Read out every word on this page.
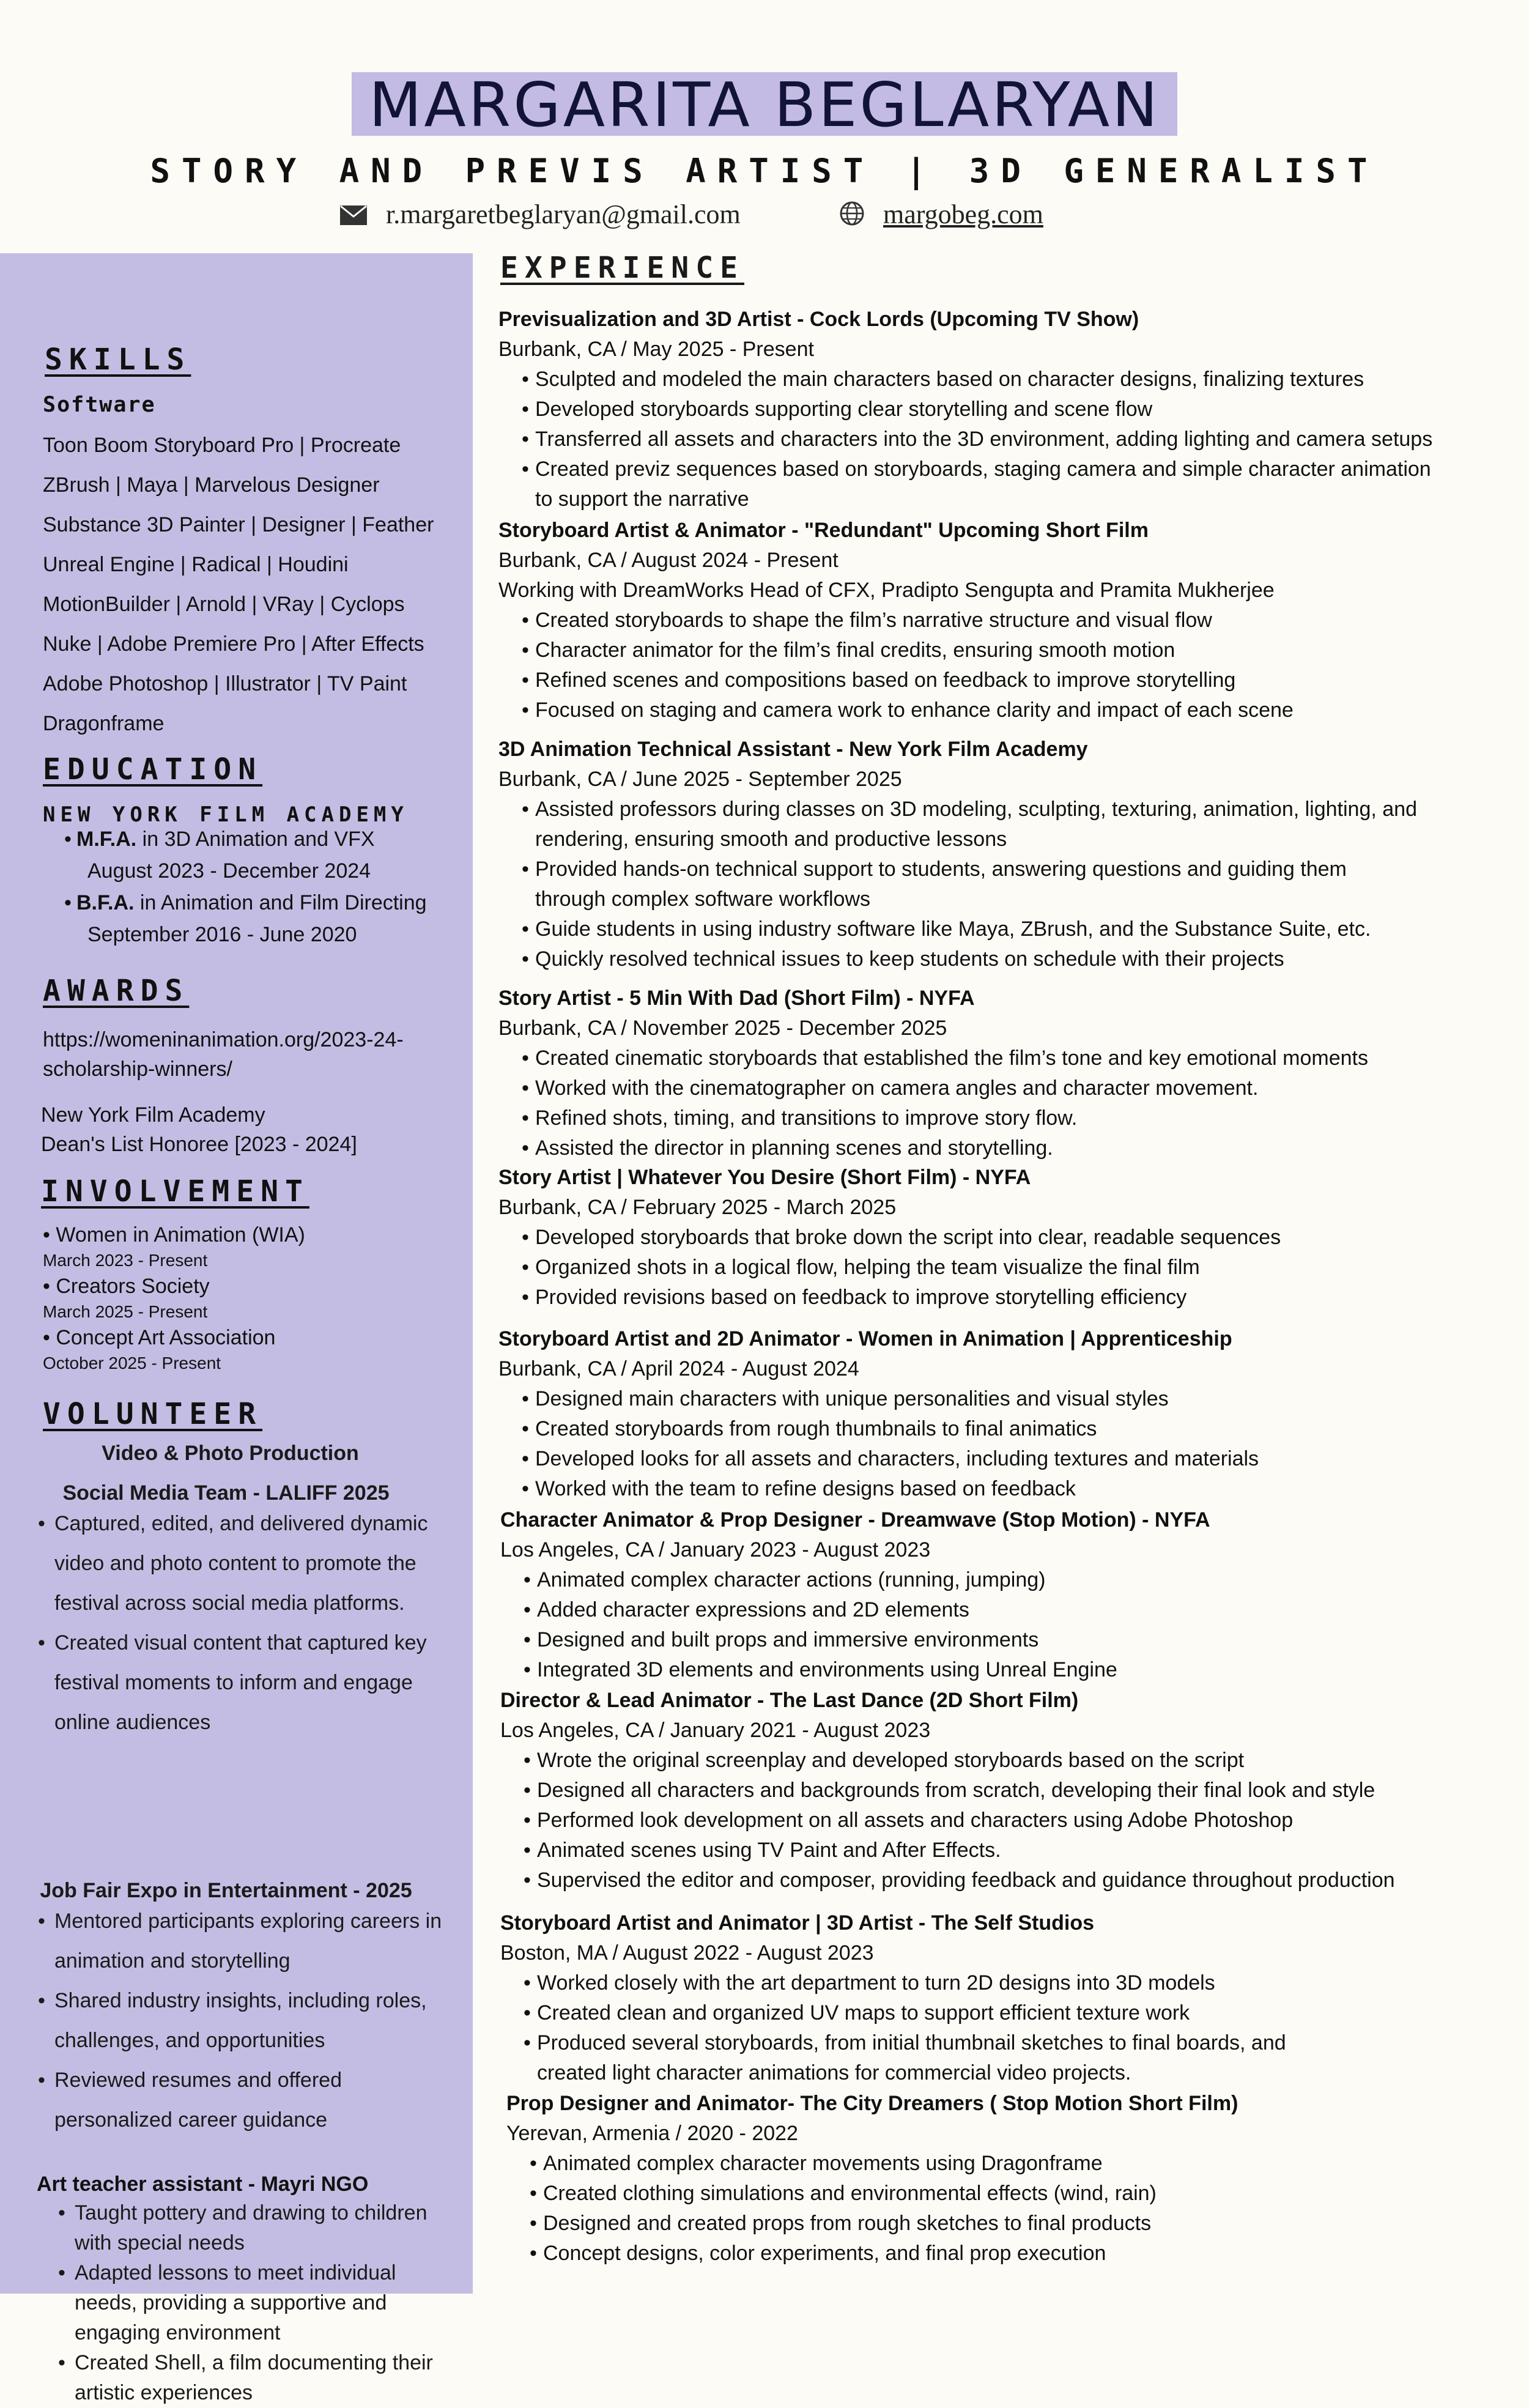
MARGARITA BEGLARYAN
STORY AND PREVIS ARTIST | 3D GENERALIST
r.margaretbeglaryan@gmail.com	margobeg.com
SKILLS
Software
Toon Boom Storyboard Pro | Procreate
ZBrush | Maya | Marvelous Designer
Substance 3D Painter | Designer | Feather
Unreal Engine | Radical | Houdini
MotionBuilder | Arnold | VRay | Cyclops
Nuke | Adobe Premiere Pro | After Effects
Adobe Photoshop | Illustrator | TV Paint
Dragonframe
EDUCATION
NEW YORK FILM ACADEMY
• M.F.A. in 3D Animation and VFX
August 2023 - December 2024
• B.F.A. in Animation and Film Directing
September 2016 - June 2020
AWARDS
https://womeninanimation.org/2023-24-
scholarship-winners/
New York Film Academy
Dean's List Honoree [2023 - 2024]
INVOLVEMENT
• Women in Animation (WIA)
March 2023 - Present
• Creators Society
March 2025 - Present
• Concept Art Association
October 2025 - Present
VOLUNTEER
Video & Photo Production
Social Media Team - LALIFF 2025
• Captured, edited, and delivered dynamic
video and photo content to promote the
festival across social media platforms.
• Created visual content that captured key
festival moments to inform and engage
online audiences
Job Fair Expo in Entertainment - 2025
• Mentored participants exploring careers in
animation and storytelling
• Shared industry insights, including roles,
challenges, and opportunities
• Reviewed resumes and offered
personalized career guidance
Art teacher assistant - Mayri NGO
• Taught pottery and drawing to children
with special needs
• Adapted lessons to meet individual
needs, providing a supportive and
engaging environment
• Created Shell, a film documenting their
artistic experiences
EXPERIENCE
Previsualization and 3D Artist - Cock Lords (Upcoming TV Show)
Burbank, CA / May 2025 - Present
• Sculpted and modeled the main characters based on character designs, finalizing textures
• Developed storyboards supporting clear storytelling and scene flow
• Transferred all assets and characters into the 3D environment, adding lighting and camera setups
• Created previz sequences based on storyboards, staging camera and simple character animation
to support the narrative
Storyboard Artist & Animator - "Redundant" Upcoming Short Film
Burbank, CA / August 2024 - Present
Working with DreamWorks Head of CFX, Pradipto Sengupta and Pramita Mukherjee
• Created storyboards to shape the film’s narrative structure and visual flow
• Character animator for the film’s final credits, ensuring smooth motion
• Refined scenes and compositions based on feedback to improve storytelling
• Focused on staging and camera work to enhance clarity and impact of each scene
3D Animation Technical Assistant - New York Film Academy
Burbank, CA / June 2025 - September 2025
• Assisted professors during classes on 3D modeling, sculpting, texturing, animation, lighting, and
rendering, ensuring smooth and productive lessons
• Provided hands-on technical support to students, answering questions and guiding them
through complex software workflows
• Guide students in using industry software like Maya, ZBrush, and the Substance Suite, etc.
• Quickly resolved technical issues to keep students on schedule with their projects
Story Artist - 5 Min With Dad (Short Film) - NYFA
Burbank, CA / November 2025 - December 2025
• Created cinematic storyboards that established the film’s tone and key emotional moments
• Worked with the cinematographer on camera angles and character movement.
• Refined shots, timing, and transitions to improve story flow.
• Assisted the director in planning scenes and storytelling.
Story Artist | Whatever You Desire (Short Film) - NYFA
Burbank, CA / February 2025 - March 2025
• Developed storyboards that broke down the script into clear, readable sequences
• Organized shots in a logical flow, helping the team visualize the final film
• Provided revisions based on feedback to improve storytelling efficiency
Storyboard Artist and 2D Animator - Women in Animation | Apprenticeship
Burbank, CA / April 2024 - August 2024
• Designed main characters with unique personalities and visual styles
• Created storyboards from rough thumbnails to final animatics
• Developed looks for all assets and characters, including textures and materials
• Worked with the team to refine designs based on feedback
Character Animator & Prop Designer - Dreamwave (Stop Motion) - NYFA
Los Angeles, CA / January 2023 - August 2023
• Animated complex character actions (running, jumping)
• Added character expressions and 2D elements
• Designed and built props and immersive environments
• Integrated 3D elements and environments using Unreal Engine
Director & Lead Animator - The Last Dance (2D Short Film)
Los Angeles, CA / January 2021 - August 2023
• Wrote the original screenplay and developed storyboards based on the script
• Designed all characters and backgrounds from scratch, developing their final look and style
• Performed look development on all assets and characters using Adobe Photoshop
• Animated scenes using TV Paint and After Effects.
• Supervised the editor and composer, providing feedback and guidance throughout production
Storyboard Artist and Animator | 3D Artist - The Self Studios
Boston, MA / August 2022 - August 2023
• Worked closely with the art department to turn 2D designs into 3D models
• Created clean and organized UV maps to support efficient texture work
• Produced several storyboards, from initial thumbnail sketches to final boards, and
created light character animations for commercial video projects.
Prop Designer and Animator- The City Dreamers ( Stop Motion Short Film)
Yerevan, Armenia / 2020 - 2022
• Animated complex character movements using Dragonframe
• Created clothing simulations and environmental effects (wind, rain)
• Designed and created props from rough sketches to final products
• Concept designs, color experiments, and final prop execution
